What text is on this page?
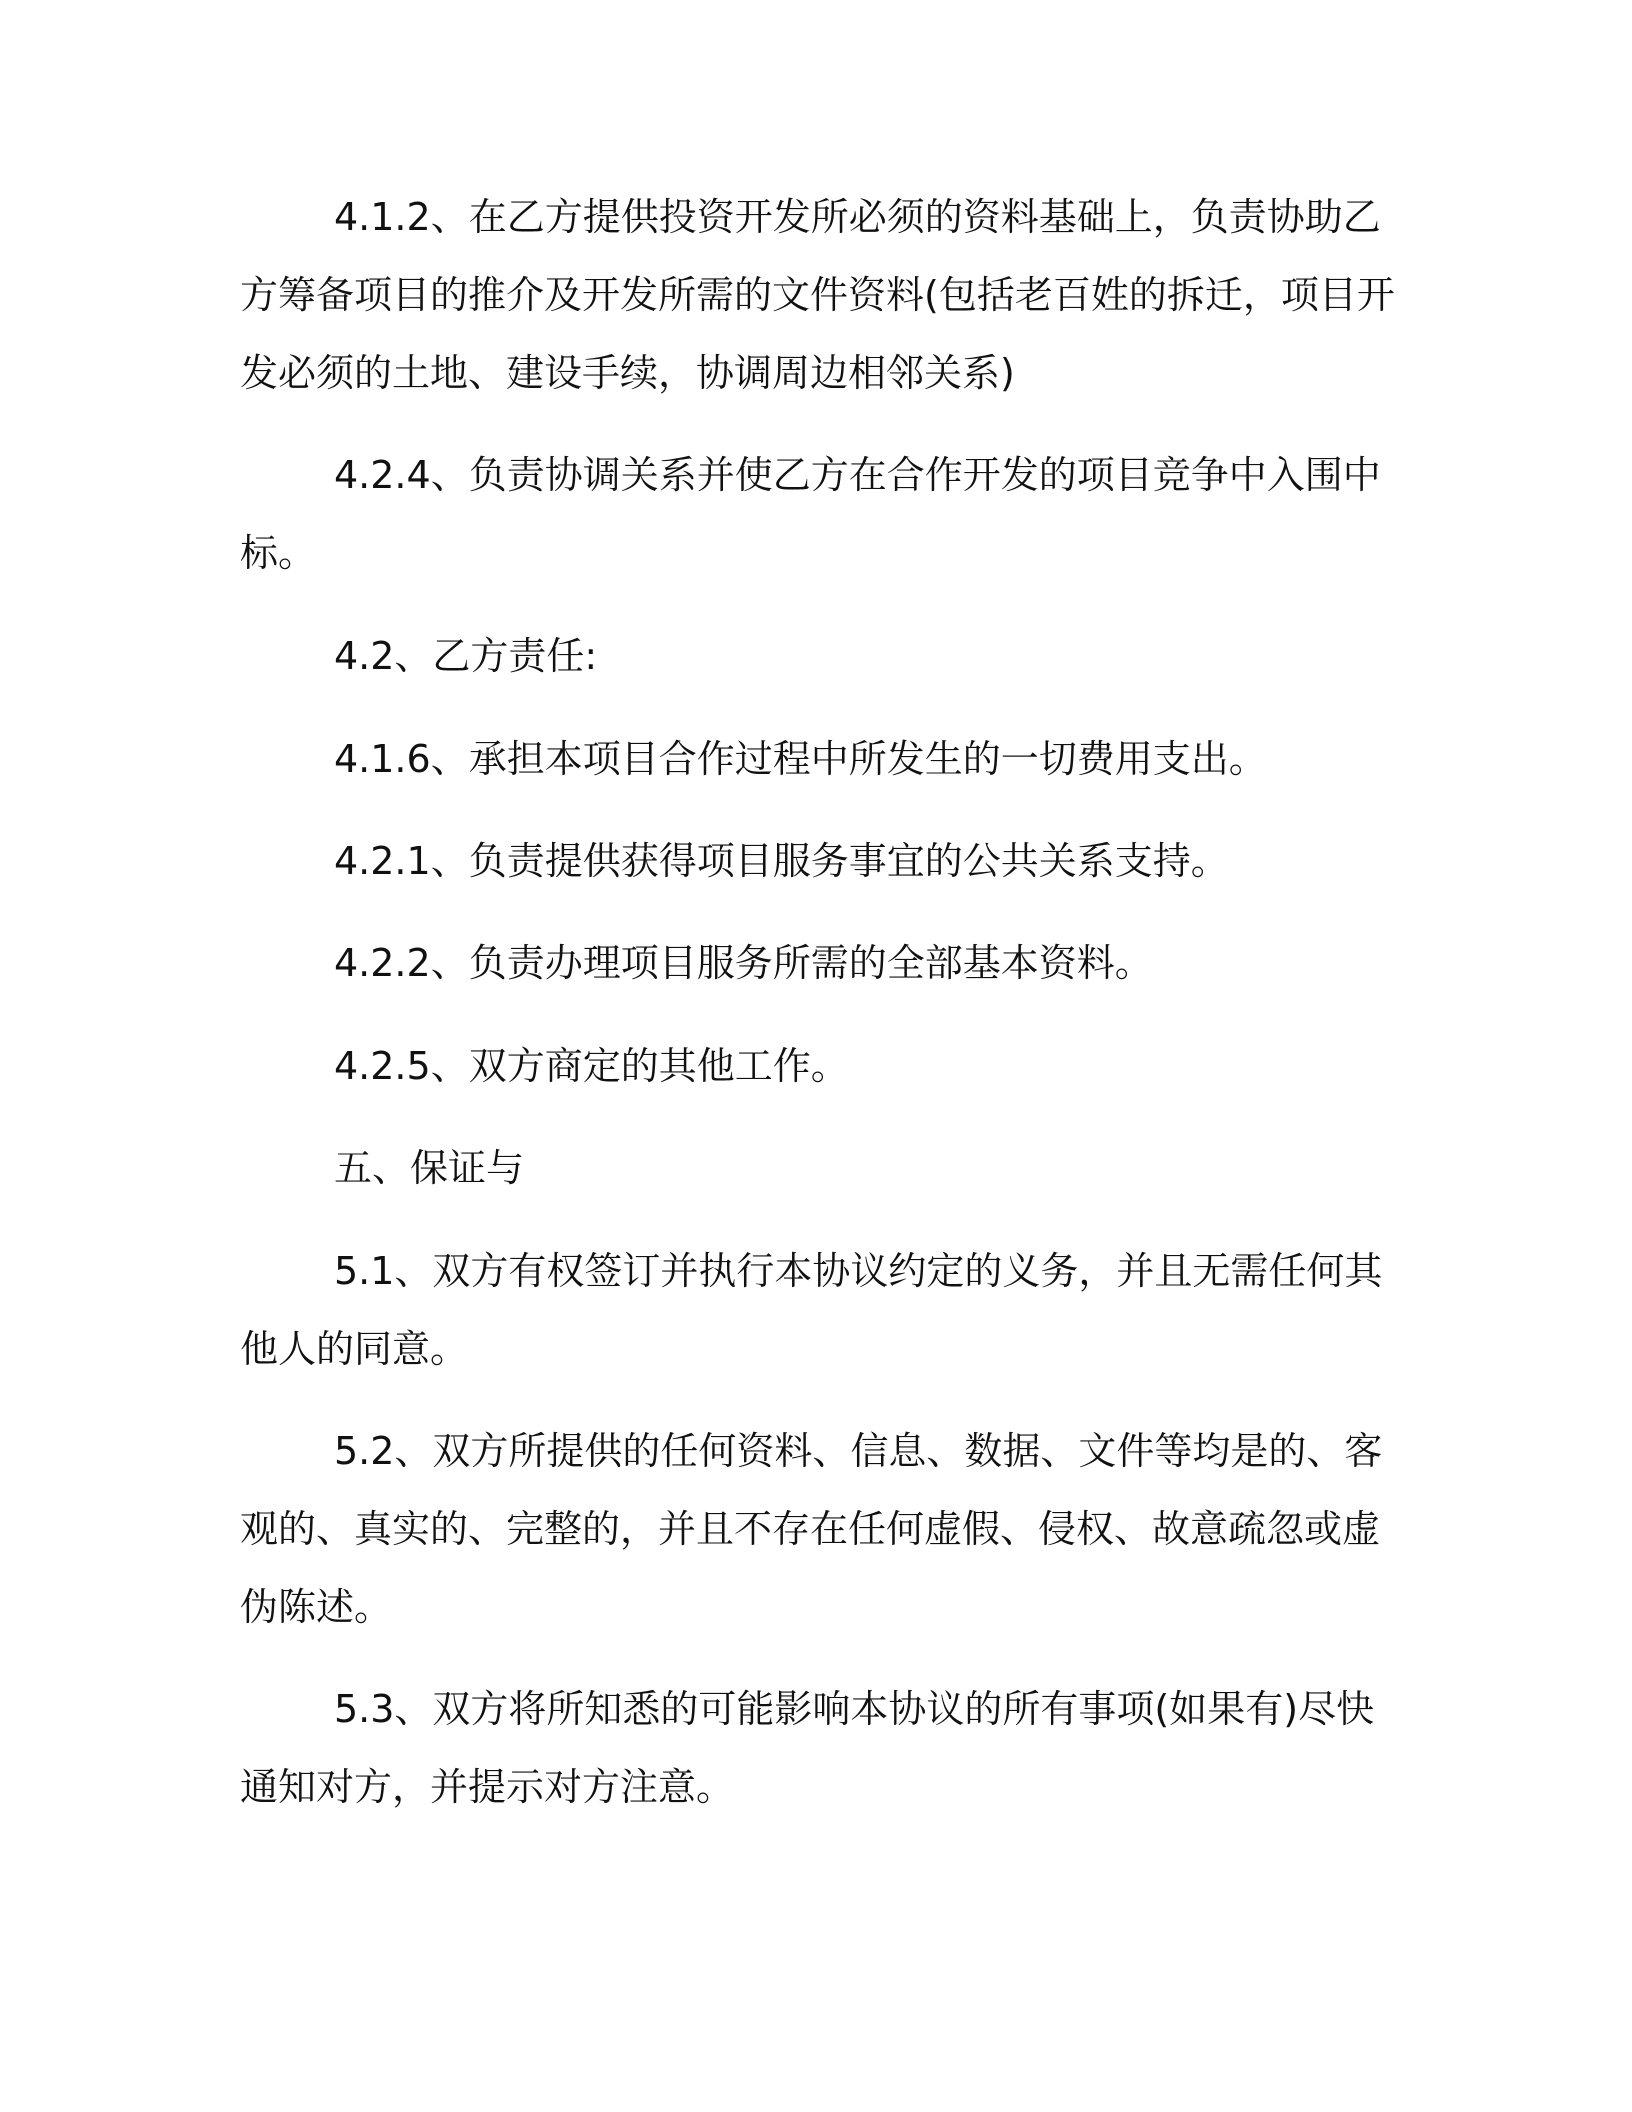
4.1.2、在乙方提供投资开发所必须的资料基础上，负责协助乙方筹备项目的推介及开发所需的文件资料(包括老百姓的拆迁，项目开发必须的土地、建设手续，协调周边相邻关系)

4.2.4、负责协调关系并使乙方在合作开发的项目竞争中入围中标。

4.2、乙方责任:

4.1.6、承担本项目合作过程中所发生的一切费用支出。

4.2.1、负责提供获得项目服务事宜的公共关系支持。

4.2.2、负责办理项目服务所需的全部基本资料。

4.2.5、双方商定的其他工作。

五、保证与

5.1、双方有权签订并执行本协议约定的义务，并且无需任何其他人的同意。

5.2、双方所提供的任何资料、信息、数据、文件等均是的、客观的、真实的、完整的，并且不存在任何虚假、侵权、故意疏忽或虚伪陈述。

5.3、双方将所知悉的可能影响本协议的所有事项(如果有)尽快通知对方，并提示对方注意。
